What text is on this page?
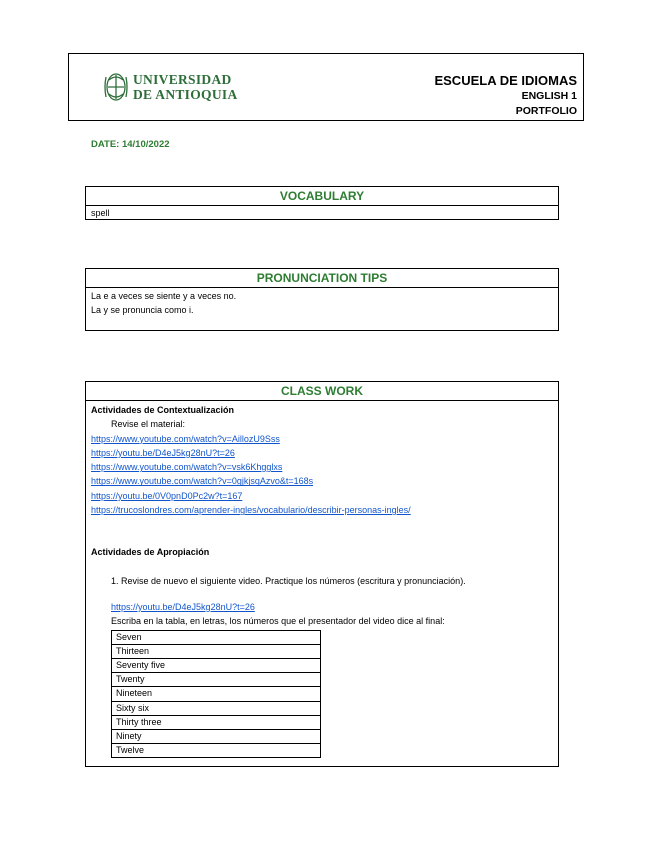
UNIVERSIDAD
DE ANTIOQUIA
ESCUELA DE IDIOMAS
ENGLISH 1
PORTFOLIO
DATE: 14/10/2022
VOCABULARY
spell
PRONUNCIATION TIPS
La e a veces se siente y a veces no.
La y se pronuncia como i.
CLASS WORK
Actividades de Contextualización
Revise el material:
https://www.youtube.com/watch?v=AillozU9Sss
https://youtu.be/D4eJ5kg28nU?t=26
https://www.youtube.com/watch?v=vsk6Khgglxs
https://www.youtube.com/watch?v=0gjkjsqAzvo&t=168s
https://youtu.be/0V0pnD0Pc2w?t=167
https://trucoslondres.com/aprender-ingles/vocabulario/describir-personas-ingles/
Actividades de Apropiación
1. Revise de nuevo el siguiente video. Practique los números (escritura y pronunciación).
https://youtu.be/D4eJ5kg28nU?t=26
Escriba en la tabla, en letras, los números que el presentador del video dice al final:
Seven
Thirteen
Seventy five
Twenty
Nineteen
Sixty six
Thirty three
Ninety
Twelve
